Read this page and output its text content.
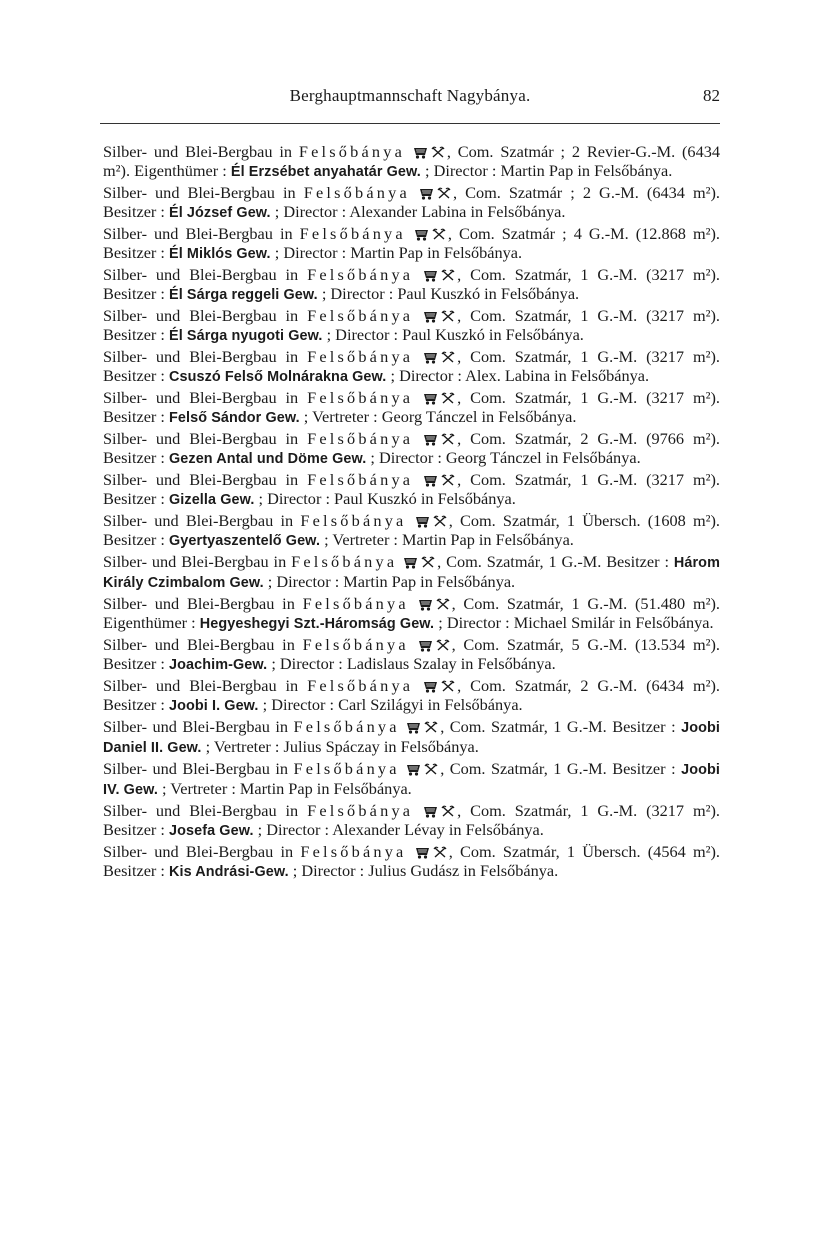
Berghauptmannschaft Nagybánya.	82

Silber- und Blei-Bergbau in Felsőbánya	, Com. Szatmár ; 2 Revier-G.-M. (6434 m²). Eigenthümer : Él Erzsébet anyahatár Gew. ; Director : Martin Pap in Felsőbánya.

Silber- und Blei-Bergbau in Felsőbánya	, Com. Szatmár ; 2 G.-M. (6434 m²). Besitzer : Él József Gew. ; Director : Alexander Labina in Felsőbánya.

Silber- und Blei-Bergbau in Felsőbánya	, Com. Szatmár ; 4 G.-M. (12.868 m²). Besitzer : Él Miklós Gew. ; Director : Martin Pap in Felsőbánya.

Silber- und Blei-Bergbau in Felsőbánya	, Com. Szatmár, 1 G.-M. (3217 m²). Besitzer : Él Sárga reggeli Gew. ; Director : Paul Kuszkó in Felsőbánya.

Silber- und Blei-Bergbau in Felsőbánya	, Com. Szatmár, 1 G.-M. (3217 m²). Besitzer : Él Sárga nyugoti Gew. ; Director : Paul Kuszkó in Felsőbánya.

Silber- und Blei-Bergbau in Felsőbánya	, Com. Szatmár, 1 G.-M. (3217 m²). Besitzer : Csuszó Felső Molnárakna Gew. ; Director : Alex. Labina in Felsőbánya.

Silber- und Blei-Bergbau in Felsőbánya	, Com. Szatmár, 1 G.-M. (3217 m²). Besitzer : Felső Sándor Gew. ; Vertreter : Georg Tánczel in Felsőbánya.

Silber- und Blei-Bergbau in Felsőbánya	, Com. Szatmár, 2 G.-M. (9766 m²). Besitzer : Gezen Antal und Döme Gew. ; Director : Georg Tánczel in Felsőbánya.

Silber- und Blei-Bergbau in Felsőbánya	, Com. Szatmár, 1 G.-M. (3217 m²). Besitzer : Gizella Gew. ; Director : Paul Kuszkó in Felsőbánya.

Silber- und Blei-Bergbau in Felsőbánya	, Com. Szatmár, 1 Übersch. (1608 m²). Besitzer : Gyertyaszentelő Gew. ; Vertreter : Martin Pap in Felsőbánya.

Silber- und Blei-Bergbau in Felsőbánya , Com. Szatmár, 1 G.-M. Besitzer : Három Király Czimbalom Gew. ; Director : Martin Pap in Felsőbánya.

Silber- und Blei-Bergbau in Felsőbánya	, Com. Szatmár, 1 G.-M. (51.480 m²). Eigenthümer : Hegyeshegyi Szt.-Háromság Gew. ; Director : Michael Smilár in Felsőbánya.

Silber- und Blei-Bergbau in Felsőbánya	, Com. Szatmár, 5 G.-M. (13.534 m²). Besitzer : Joachim-Gew. ; Director : Ladislaus Szalay in Felsőbánya.

Silber- und Blei-Bergbau in Felsőbánya	, Com. Szatmár, 2 G.-M. (6434 m²). Besitzer : Joobi I. Gew. ; Director : Carl Szilágyi in Felsőbánya.

Silber- und Blei-Bergbau in Felsőbánya , Com. Szatmár, 1 G.-M. Besitzer : Joobi Daniel II. Gew. ; Vertreter : Julius Spáczay in Felsőbánya.

Silber- und Blei-Bergbau in Felsőbánya , Com. Szatmár, 1 G.-M. Besitzer : Joobi IV. Gew. ; Vertreter : Martin Pap in Felsőbánya.

Silber- und Blei-Bergbau in Felsőbánya	, Com. Szatmár, 1 G.-M. (3217 m²). Besitzer : Josefa Gew. ; Director : Alexander Lévay in Felsőbánya.

Silber- und Blei-Bergbau in Felsőbánya	, Com. Szatmár, 1 Übersch. (4564 m²). Besitzer : Kis Andrási-Gew. ; Director : Julius Gudász in Felsőbánya.
